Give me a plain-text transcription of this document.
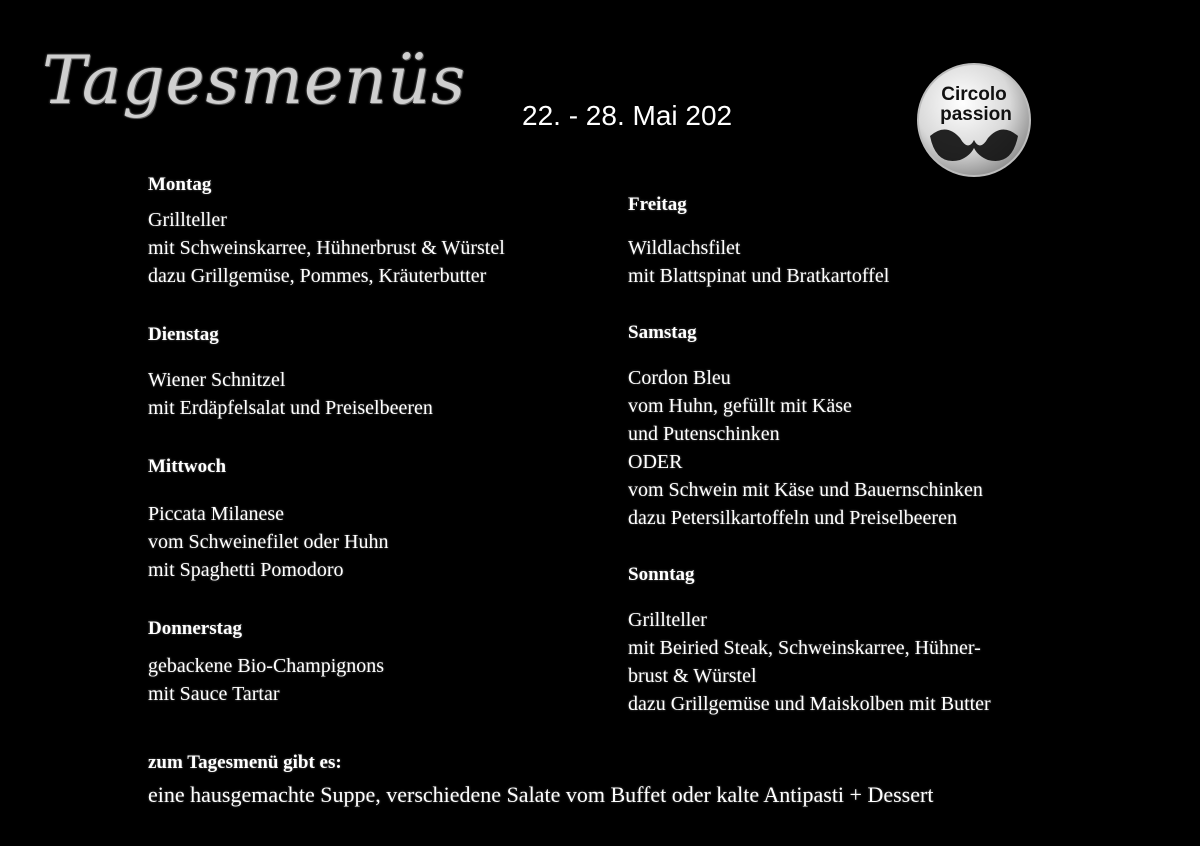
Tagesmenüs 22. - 28. Mai 202
Circolo
passion

Montag

Grillteller
mit Schweinskarree, Hühnerbrust & Würstel
dazu Grillgemüse, Pommes, Kräuterbutter

Dienstag

Wiener Schnitzel
mit Erdäpfelsalat und Preiselbeeren

Mittwoch

Piccata Milanese
vom Schweinefilet oder Huhn
mit Spaghetti Pomodoro

Donnerstag

gebackene Bio-Champignons
mit Sauce Tartar

Freitag

Wildlachsfilet
mit Blattspinat und Bratkartoffel

Samstag

Cordon Bleu
vom Huhn, gefüllt mit Käse
und Putenschinken
ODER
vom Schwein mit Käse und Bauernschinken
dazu Petersilkartoffeln und Preiselbeeren

Sonntag

Grillteller
mit Beiried Steak, Schweinskarree, Hühner-
brust & Würstel
dazu Grillgemüse und Maiskolben mit Butter
zum Tagesmenü gibt es:
eine hausgemachte Suppe, verschiedene Salate vom Buffet oder kalte Antipasti + Dessert
